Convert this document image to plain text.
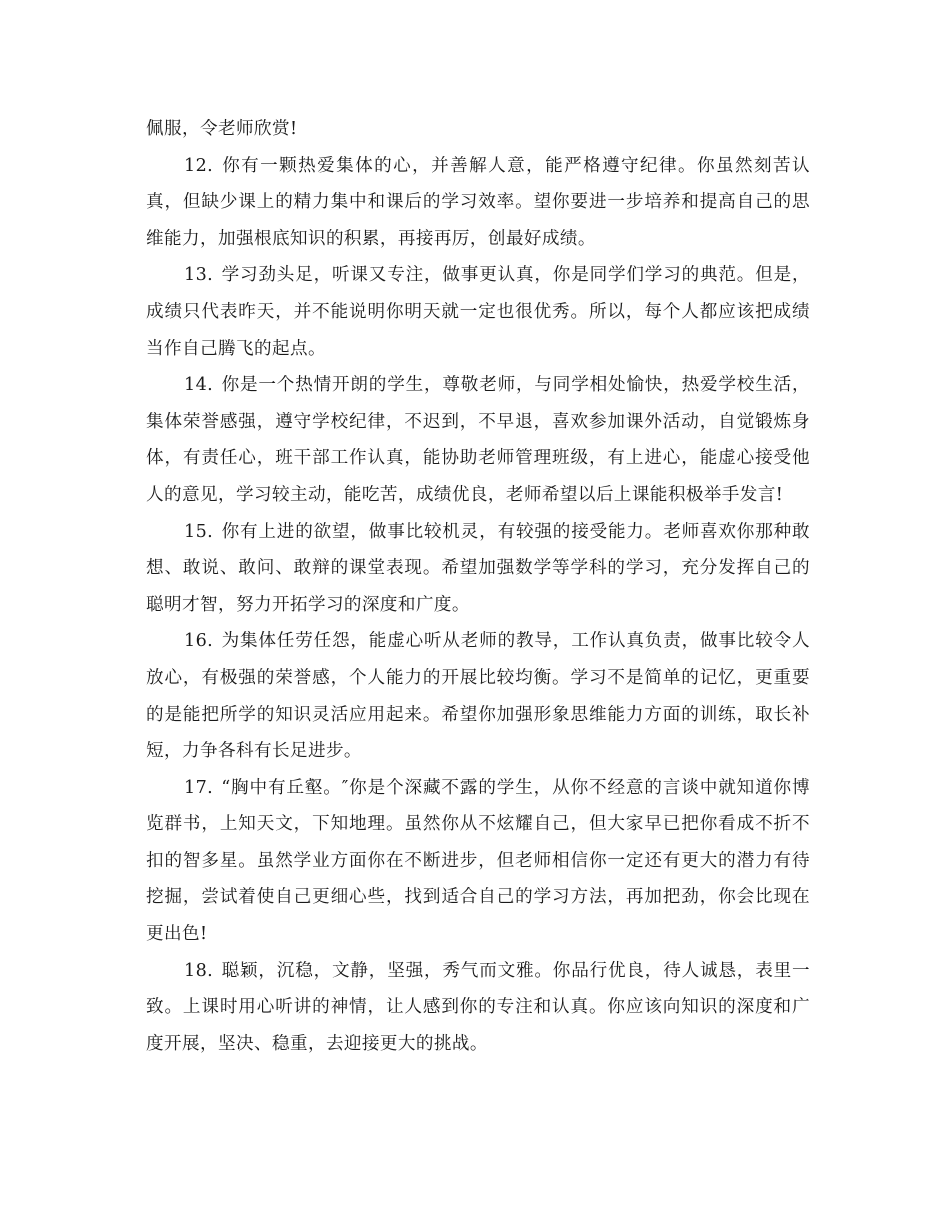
佩服，令老师欣赏!

12. 你有一颗热爱集体的心，并善解人意，能严格遵守纪律。你虽然刻苦认真，但缺少课上的精力集中和课后的学习效率。望你要进一步培养和提高自己的思维能力，加强根底知识的积累，再接再厉，创最好成绩。

13. 学习劲头足，听课又专注，做事更认真，你是同学们学习的典范。但是，成绩只代表昨天，并不能说明你明天就一定也很优秀。所以，每个人都应该把成绩当作自己腾飞的起点。

14. 你是一个热情开朗的学生，尊敬老师，与同学相处愉快，热爱学校生活，集体荣誉感强，遵守学校纪律，不迟到，不早退，喜欢参加课外活动，自觉锻炼身体，有责任心，班干部工作认真，能协助老师管理班级，有上进心，能虚心接受他人的意见，学习较主动，能吃苦，成绩优良，老师希望以后上课能积极举手发言!

15. 你有上进的欲望，做事比较机灵，有较强的接受能力。老师喜欢你那种敢想、敢说、敢问、敢辩的课堂表现。希望加强数学等学科的学习，充分发挥自己的聪明才智，努力开拓学习的深度和广度。

16. 为集体任劳任怨，能虚心听从老师的教导，工作认真负责，做事比较令人放心，有极强的荣誉感，个人能力的开展比较均衡。学习不是简单的记忆，更重要的是能把所学的知识灵活应用起来。希望你加强形象思维能力方面的训练，取长补短，力争各科有长足进步。

17. “胸中有丘壑。″你是个深藏不露的学生，从你不经意的言谈中就知道你博览群书，上知天文，下知地理。虽然你从不炫耀自己，但大家早已把你看成不折不扣的智多星。虽然学业方面你在不断进步，但老师相信你一定还有更大的潜力有待挖掘，尝试着使自己更细心些，找到适合自己的学习方法，再加把劲，你会比现在更出色!

18. 聪颖，沉稳，文静，坚强，秀气而文雅。你品行优良，待人诚恳，表里一致。上课时用心听讲的神情，让人感到你的专注和认真。你应该向知识的深度和广度开展，坚决、稳重，去迎接更大的挑战。
